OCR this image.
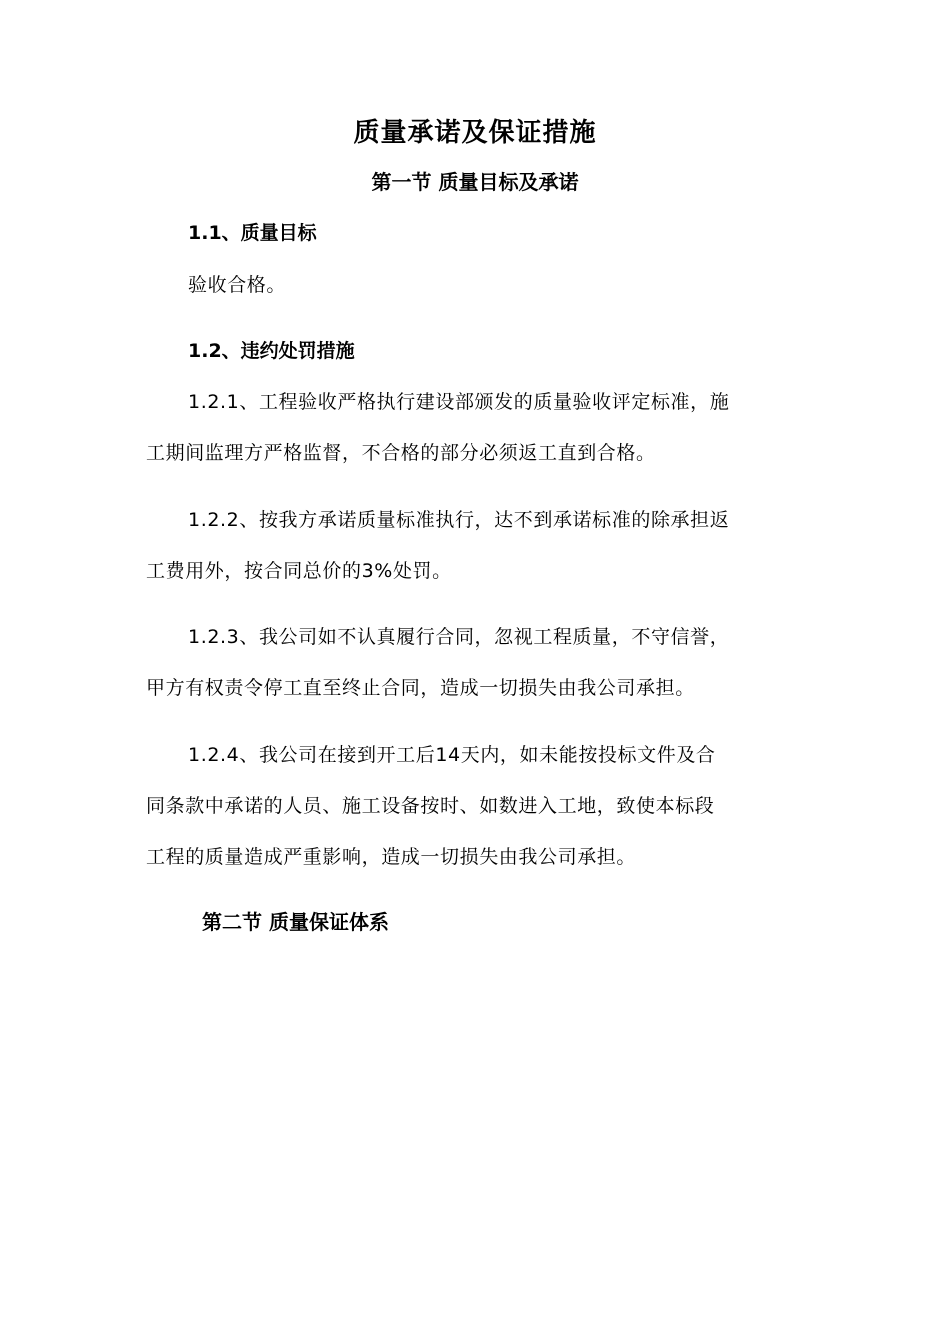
质量承诺及保证措施
第一节 质量目标及承诺
1.1、质量目标
验收合格。
1.2、违约处罚措施
1.2.1、工程验收严格执行建设部颁发的质量验收评定标准，施
工期间监理方严格监督，不合格的部分必须返工直到合格。
1.2.2、按我方承诺质量标准执行，达不到承诺标准的除承担返
工费用外，按合同总价的3%处罚。
1.2.3、我公司如不认真履行合同，忽视工程质量，不守信誉，
甲方有权责令停工直至终止合同，造成一切损失由我公司承担。
1.2.4、我公司在接到开工后14天内，如未能按投标文件及合
同条款中承诺的人员、施工设备按时、如数进入工地，致使本标段
工程的质量造成严重影响，造成一切损失由我公司承担。
第二节 质量保证体系
